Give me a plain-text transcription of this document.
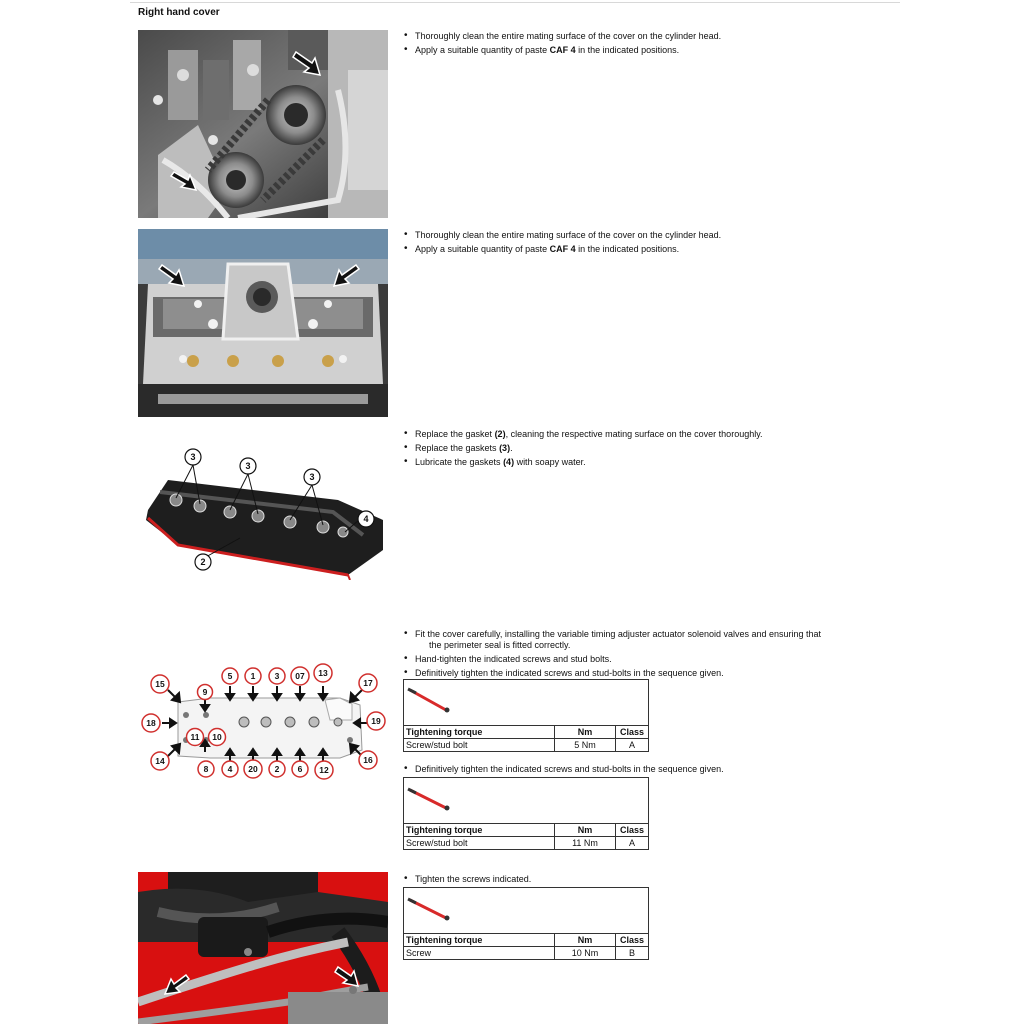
Right hand cover
• Thoroughly clean the entire mating surface of the cover on the cylinder head.
• Apply a suitable quantity of paste CAF 4 in the indicated positions.
• Thoroughly clean the entire mating surface of the cover on the cylinder head.
• Apply a suitable quantity of paste CAF 4 in the indicated positions.
3
3
3
4
2
• Replace the gasket (2), cleaning the respective mating surface on the cover thoroughly.
• Replace the gaskets (3).
• Lubricate the gaskets (4) with soapy water.
15
9
5 1 3 07 13
17
18	19
11 10
14
8 4 20 2 6 12
16
• Fit the cover carefully, installing the variable timing adjuster actuator solenoid valves and ensuring that
the perimeter seal is fitted correctly.
• Hand-tighten the indicated screws and stud bolts.
• Definitively tighten the indicated screws and stud-bolts in the sequence given.

Tightening torque	Nm	Class
Screw/stud bolt	5 Nm	A
• Definitively tighten the indicated screws and stud-bolts in the sequence given.

Tightening torque	Nm	Class
Screw/stud bolt	11 Nm	A
• Tighten the screws indicated.

Tightening torque	Nm	Class
Screw	10 Nm	B
